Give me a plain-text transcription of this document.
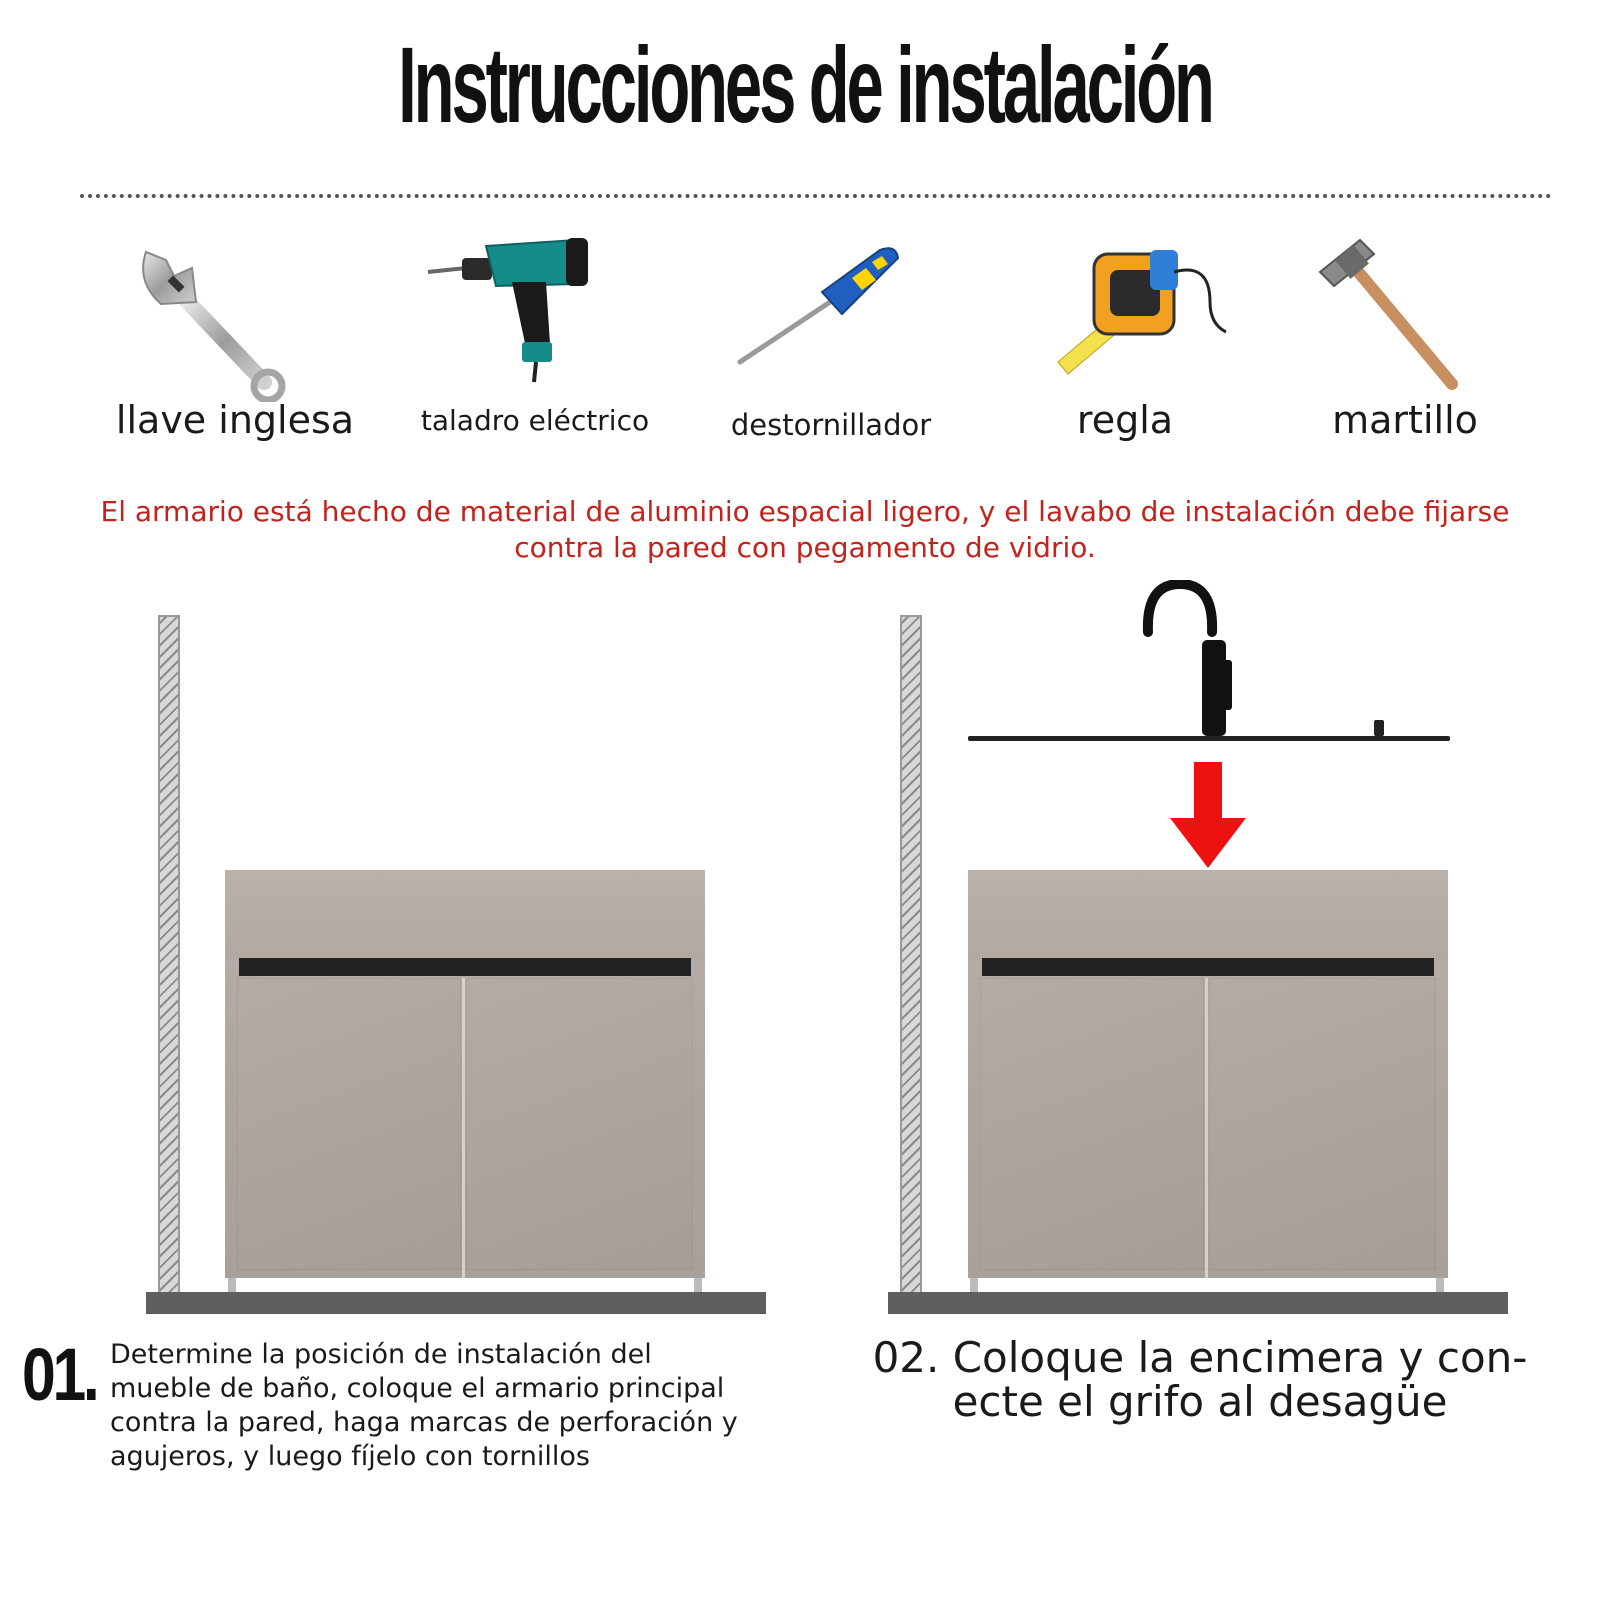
Instrucciones de instalación
llave inglesa	taladro eléctrico	destornillador	regla	martillo
El armario está hecho de material de aluminio espacial ligero, y el lavabo de instalación debe fijarse contra la pared con pegamento de vidrio.
01. Determine la posición de instalación del mueble de baño, coloque el armario principal contra la pared, haga marcas de perforación y agujeros, y luego fíjelo con tornillos
02. Coloque la encimera y con- ecte el grifo al desagüe
